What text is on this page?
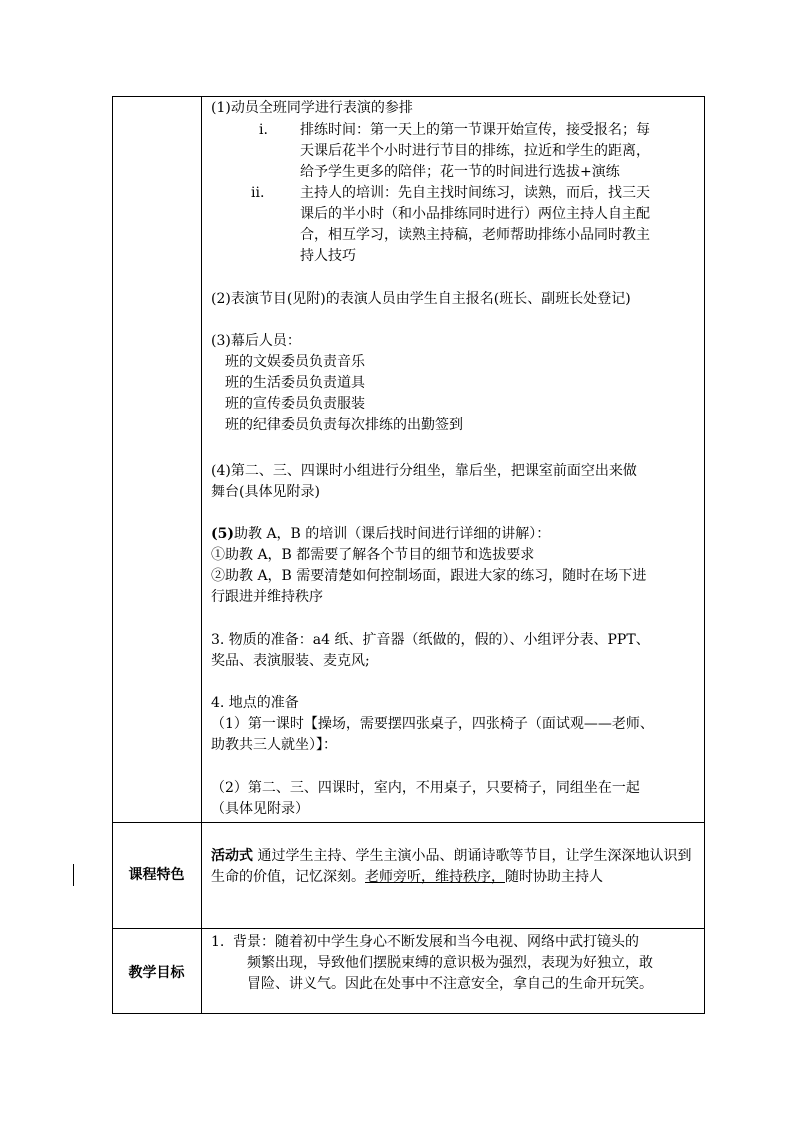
(1)动员全班同学进行表演的参排
i. 排练时间：第一天上的第一节课开始宣传，接受报名；每
天课后花半个小时进行节目的排练，拉近和学生的距离，
给予学生更多的陪伴；花一节的时间进行选拔+演练
ii.	主持人的培训：先自主找时间练习，读熟，而后，找三天
课后的半小时（和小品排练同时进行）两位主持人自主配
合，相互学习，读熟主持稿，老师帮助排练小品同时教主
持人技巧
(2)表演节目(见附)的表演人员由学生自主报名(班长、副班长处登记)
(3)幕后人员：
班的文娱委员负责音乐
班的生活委员负责道具
班的宣传委员负责服装
班的纪律委员负责每次排练的出勤签到
(4)第二、三、四课时小组进行分组坐，靠后坐，把课室前面空出来做
舞台(具体见附录)
(5)助教 A，B 的培训（课后找时间进行详细的讲解）：
①助教 A，B 都需要了解各个节目的细节和选拔要求
②助教 A，B 需要清楚如何控制场面，跟进大家的练习，随时在场下进
行跟进并维持秩序
3. 物质的准备：a4 纸、扩音器（纸做的，假的）、小组评分表、PPT、
奖品、表演服装、麦克风;
4. 地点的准备
（1）第一课时【操场，需要摆四张桌子，四张椅子（面试观——老师、
助教共三人就坐）】：
（2）第二、三、四课时，室内，不用桌子，只要椅子，同组坐在一起
（具体见附录）
课程特色
活动式 通过学生主持、学生主演小品、朗诵诗歌等节目，让学生深深地认识到生命的价值，记忆深刻。老师旁听，维持秩序，随时协助主持人
教学目标
1. 背景：随着初中学生身心不断发展和当今电视、网络中武打镜头的
频繁出现，导致他们摆脱束缚的意识极为强烈，表现为好独立，敢
冒险、讲义气。因此在处事中不注意安全，拿自己的生命开玩笑。
